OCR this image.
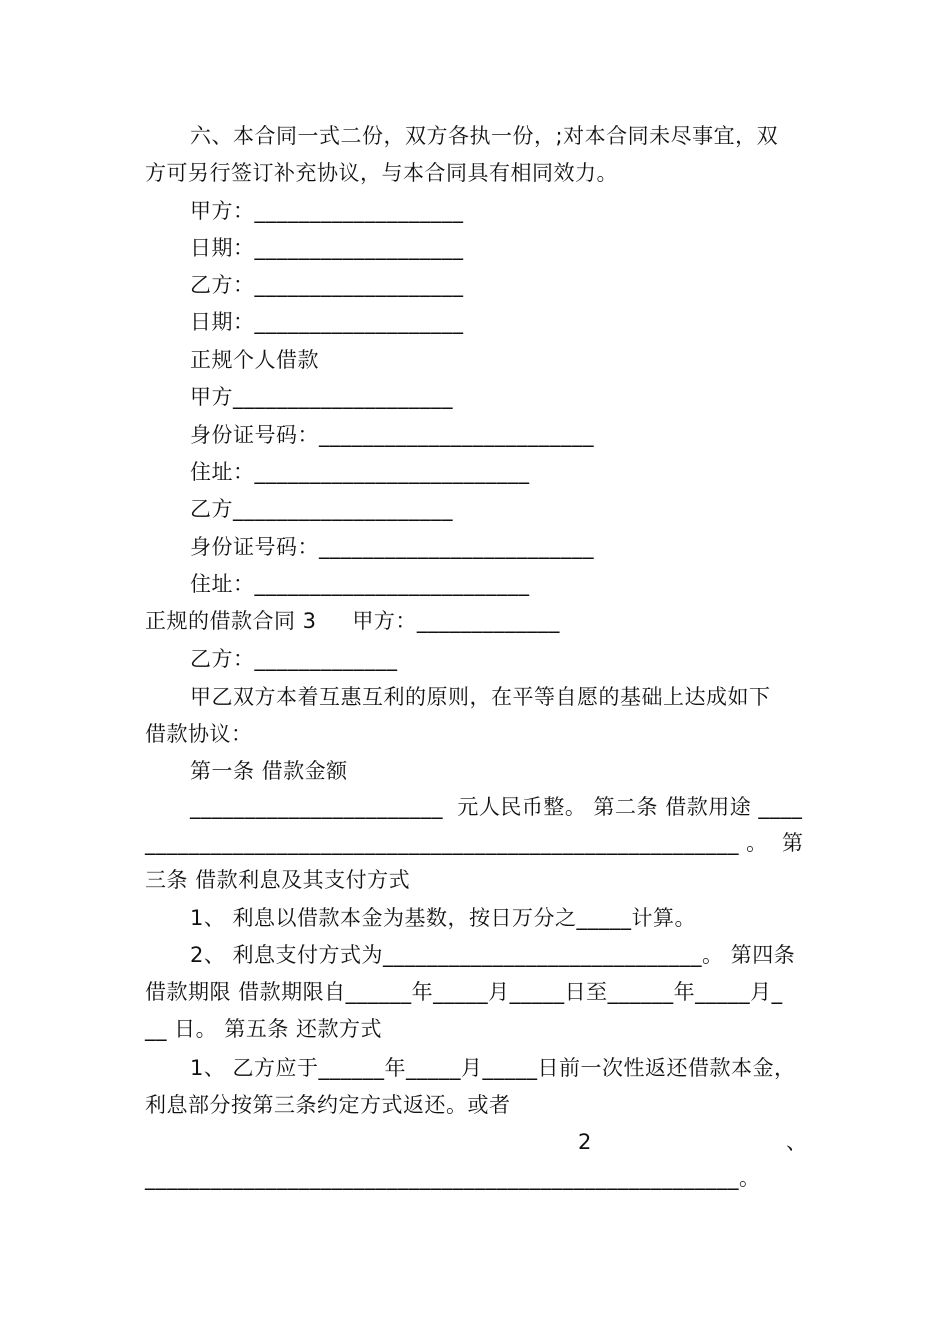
六、本合同一式二份，双方各执一份，;对本合同未尽事宜，双
方可另行签订补充协议，与本合同具有相同效力。
甲方：___________________
日期：___________________
乙方：___________________
日期：___________________
正规个人借款
甲方____________________
身份证号码：_________________________
住址：_________________________
乙方____________________
身份证号码：_________________________
住址：_________________________
正规的借款合同 3     甲方：_____________
乙方：_____________
甲乙双方本着互惠互利的原则，在平等自愿的基础上达成如下
借款协议：
第一条 借款金额
_______________________  元人民币整。 第二条 借款用途 ____
______________________________________________________ 。  第
三条 借款利息及其支付方式
1、 利息以借款本金为基数，按日万分之_____计算。
2、 利息支付方式为_____________________________。 第四条
借款期限 借款期限自______年_____月_____日至______年_____月_
__ 日。 第五条 还款方式
1、 乙方应于______年_____月_____日前一次性返还借款本金，
利息部分按第三条约定方式返还。或者
2	、
______________________________________________________。
